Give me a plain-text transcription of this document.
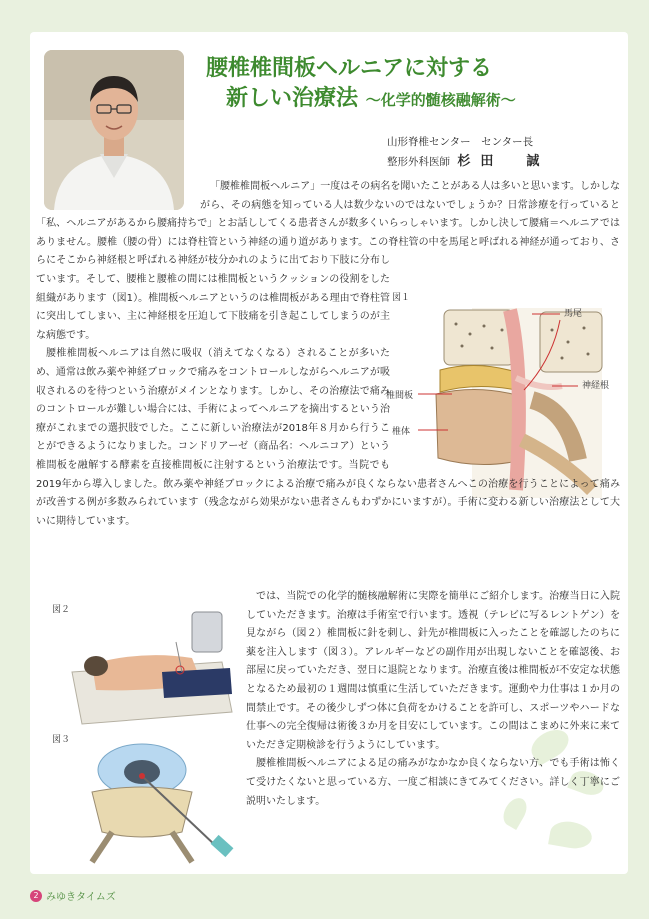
腰椎椎間板ヘルニアに対する
新しい治療法 〜化学的髄核融解術〜
山形脊椎センター　センター長
整形外科医師 杉田　誠
図１
馬尾
神経根
椎間板
椎体
図２
図３
2 みゆきタイムズ

「腰椎椎間板ヘルニア」一度はその病名を聞いたことがある人は多いと思います。しかしながら、その病態を知っている人は数少ないのではないでしょうか？日常診療を行っていると「私、ヘルニアがあるから腰痛持ちで」とお話ししてくる患者さんが数多くいらっしゃいます。しかし決して腰痛＝ヘルニアではありません。腰椎（腰の骨）には脊柱管という神経の通り道があります。この脊柱管の中を馬尾と呼ばれる神経が通っており、さらにそこから神経根と呼ばれる神経が枝分かれのように出ており下肢に分布しています。そして、腰椎と腰椎の間には椎間板というクッションの役割をした組織があります（図1）。椎間板ヘルニアというのは椎間板がある理由で脊柱管に突出してしまい、主に神経根を圧迫して下肢痛を引き起こしてしまうのが主な病態です。

腰椎椎間板ヘルニアは自然に吸収（消えてなくなる）されることが多いため、通常は飲み薬や神経ブロックで痛みをコントロールしながらヘルニアが吸収されるのを待つという治療がメインとなります。しかし、その治療法で痛みのコントロールが難しい場合には、手術によってヘルニアを摘出するという治療がこれまでの選択肢でした。ここに新しい治療法が2018年８月から行うことができるようになりました。コンドリアーゼ（商品名：ヘルニコア）という椎間板を融解する酵素を直接椎間板に注射するという治療法です。当院でも2019年から導入しました。飲み薬や神経ブロックによる治療で痛みが良くならない患者さんへこの治療を行うことによって痛みが改善する例が多数みられています（残念ながら効果がない患者さんもわずかにいますが）。手術に変わる新しい治療法として大いに期待しています。

では、当院での化学的髄核融解術に実際を簡単にご紹介します。治療当日に入院していただきます。治療は手術室で行います。透視（テレビに写るレントゲン）を見ながら（図２）椎間板に針を刺し、針先が椎間板に入ったことを確認したのちに薬を注入します（図３）。アレルギーなどの副作用が出現しないことを確認後、お部屋に戻っていただき、翌日に退院となります。治療直後は椎間板が不安定な状態となるため最初の１週間は慎重に生活していただきます。運動や力仕事は１か月の間禁止です。その後少しずつ体に負荷をかけることを許可し、スポーツやハードな仕事への完全復帰は術後３か月を目安にしています。この間はこまめに外来に来ていただき定期検診を行うようにしています。

腰椎椎間板ヘルニアによる足の痛みがなかなか良くならない方、でも手術は怖くて受けたくないと思っている方、一度ご相談にきてみてください。詳しく丁寧にご説明いたします。
